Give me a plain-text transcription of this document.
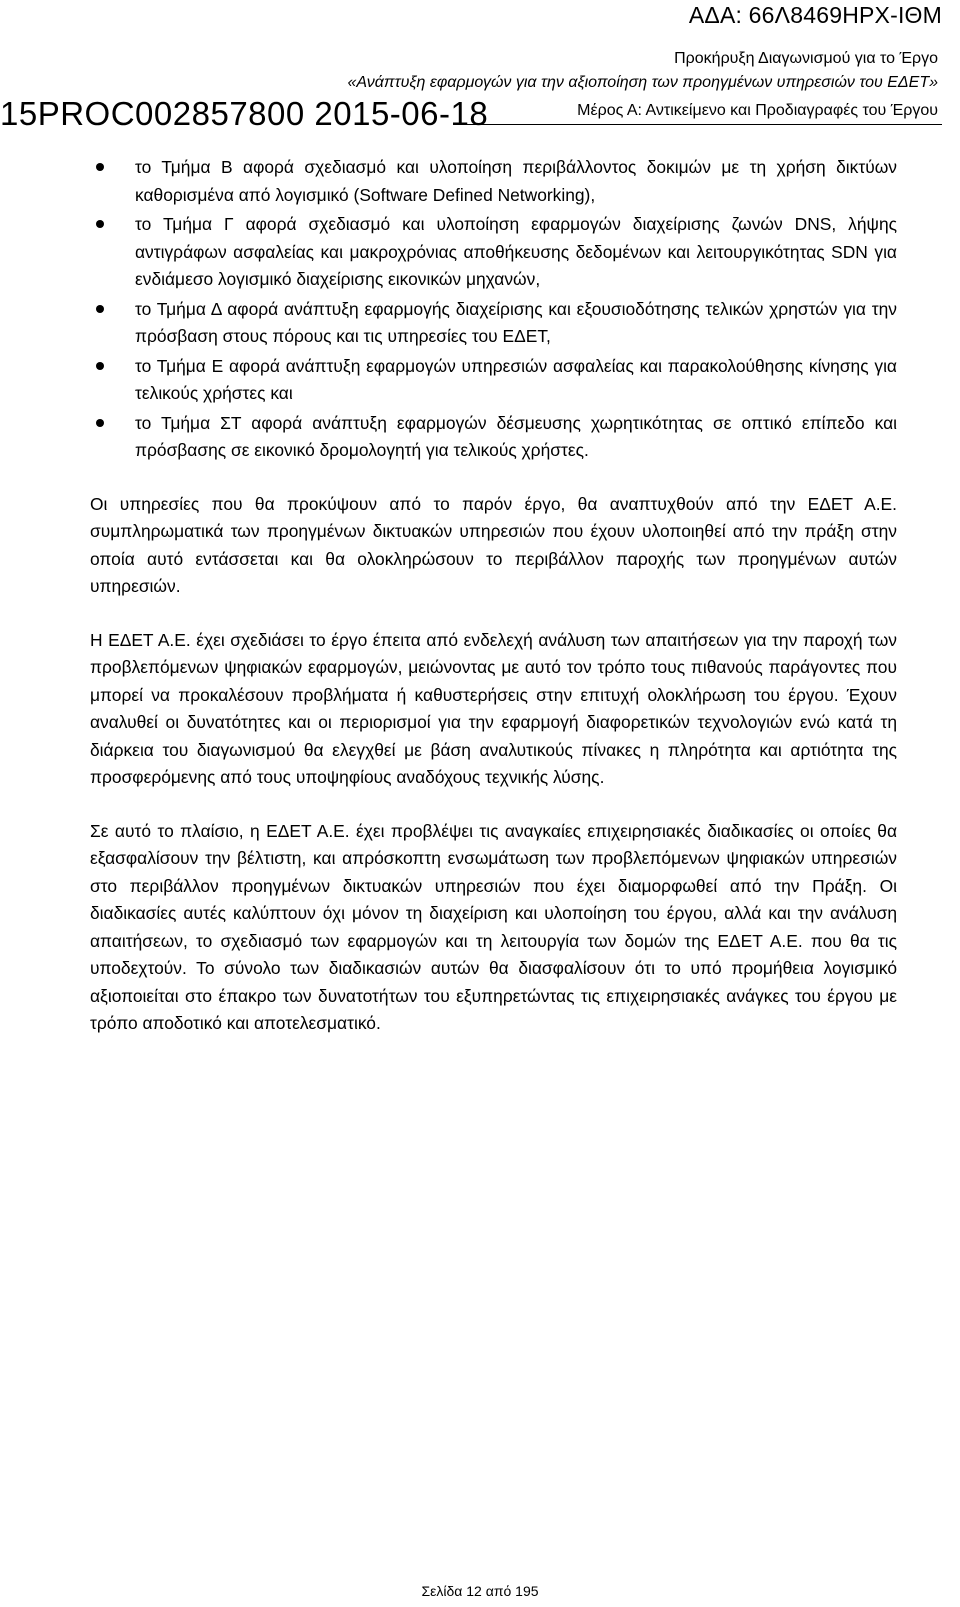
ΑΔΑ: 66Λ8469ΗΡΧ-ΙΘΜ
Προκήρυξη Διαγωνισμού για το Έργο
«Ανάπτυξη εφαρμογών για την αξιοποίηση των προηγμένων υπηρεσιών του ΕΔΕΤ»
15PROC002857800 2015-06-18	Μέρος Α: Αντικείμενο και Προδιαγραφές του Έργου
το Τμήμα Β αφορά σχεδιασμό και υλοποίηση περιβάλλοντος δοκιμών με τη χρήση δικτύων καθορισμένα από λογισμικό (Software Defined Networking),
το Τμήμα Γ αφορά σχεδιασμό και υλοποίηση εφαρμογών διαχείρισης ζωνών DNS, λήψης αντιγράφων ασφαλείας και μακροχρόνιας αποθήκευσης δεδομένων και λειτουργικότητας SDN για ενδιάμεσο λογισμικό διαχείρισης εικονικών μηχανών,
το Τμήμα Δ αφορά ανάπτυξη εφαρμογής διαχείρισης και εξουσιοδότησης τελικών χρηστών για την πρόσβαση στους πόρους και τις υπηρεσίες του ΕΔΕΤ,
το Τμήμα Ε αφορά ανάπτυξη εφαρμογών υπηρεσιών ασφαλείας και παρακολούθησης κίνησης για τελικούς χρήστες και
το Τμήμα ΣΤ αφορά ανάπτυξη εφαρμογών δέσμευσης χωρητικότητας σε οπτικό επίπεδο και πρόσβασης σε εικονικό δρομολογητή για τελικούς χρήστες.

Οι υπηρεσίες που θα προκύψουν από το παρόν έργο, θα αναπτυχθούν από την ΕΔΕΤ Α.Ε. συμπληρωματικά των προηγμένων δικτυακών υπηρεσιών που έχουν υλοποιηθεί από την πράξη στην οποία αυτό εντάσσεται και θα ολοκληρώσουν το περιβάλλον παροχής των προηγμένων αυτών υπηρεσιών.

Η ΕΔΕΤ Α.Ε. έχει σχεδιάσει το έργο έπειτα από ενδελεχή ανάλυση των απαιτήσεων για την παροχή των προβλεπόμενων ψηφιακών εφαρμογών, μειώνοντας με αυτό τον τρόπο τους πιθανούς παράγοντες που μπορεί να προκαλέσουν προβλήματα ή καθυστερήσεις στην επιτυχή ολοκλήρωση του έργου. Έχουν αναλυθεί οι δυνατότητες και οι περιορισμοί για την εφαρμογή διαφορετικών τεχνολογιών ενώ κατά τη διάρκεια του διαγωνισμού θα ελεγχθεί με βάση αναλυτικούς πίνακες η πληρότητα και αρτιότητα της προσφερόμενης από τους υποψηφίους αναδόχους τεχνικής λύσης.

Σε αυτό το πλαίσιο, η ΕΔΕΤ Α.Ε. έχει προβλέψει τις αναγκαίες επιχειρησιακές διαδικασίες οι οποίες θα εξασφαλίσουν την βέλτιστη, και απρόσκοπτη ενσωμάτωση των προβλεπόμενων ψηφιακών υπηρεσιών στο περιβάλλον προηγμένων δικτυακών υπηρεσιών που έχει διαμορφωθεί από την Πράξη. Οι διαδικασίες αυτές καλύπτουν όχι μόνον τη διαχείριση και υλοποίηση του έργου, αλλά και την ανάλυση απαιτήσεων, το σχεδιασμό των εφαρμογών και τη λειτουργία των δομών της ΕΔΕΤ Α.Ε. που θα τις υποδεχτούν. Το σύνολο των διαδικασιών αυτών θα διασφαλίσουν ότι το υπό προμήθεια λογισμικό αξιοποιείται στο έπακρο των δυνατοτήτων του εξυπηρετώντας τις επιχειρησιακές ανάγκες του έργου με τρόπο αποδοτικό και αποτελεσματικό.

Σελίδα 12 από 195
